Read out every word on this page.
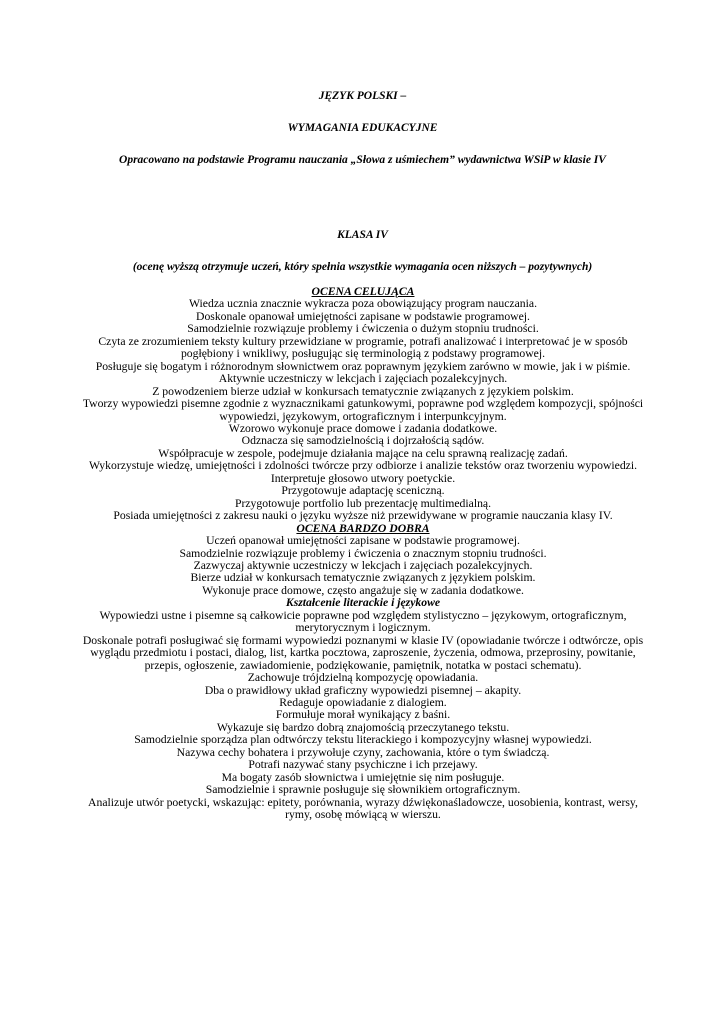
JĘZYK POLSKI –
WYMAGANIA EDUKACYJNE
Opracowano na podstawie Programu nauczania „Słowa z uśmiechem” wydawnictwa WSiP w klasie IV
KLASA IV
(ocenę wyższą otrzymuje uczeń, który spełnia wszystkie wymagania ocen niższych – pozytywnych)

OCENA CELUJĄCA

Wiedza ucznia znacznie wykracza poza obowiązujący program nauczania.

Doskonale opanował umiejętności zapisane w podstawie programowej.

Samodzielnie rozwiązuje problemy i ćwiczenia o dużym stopniu trudności.

Czyta ze zrozumieniem teksty kultury przewidziane w programie, potrafi analizować i interpretować je w sposób pogłębiony i wnikliwy, posługując się terminologią z podstawy programowej.

Posługuje się bogatym i różnorodnym słownictwem oraz poprawnym językiem zarówno w mowie, jak i w piśmie.

Aktywnie uczestniczy w lekcjach i zajęciach pozalekcyjnych.

Z powodzeniem bierze udział w konkursach tematycznie związanych z językiem polskim.

Tworzy wypowiedzi pisemne zgodnie z wyznacznikami gatunkowymi, poprawne pod względem kompozycji, spójności wypowiedzi, językowym, ortograficznym i interpunkcyjnym.

Wzorowo wykonuje prace domowe i zadania dodatkowe.

Odznacza się samodzielnością i dojrzałością sądów.

Współpracuje w zespole, podejmuje działania mające na celu sprawną realizację zadań.

Wykorzystuje wiedzę, umiejętności i zdolności twórcze przy odbiorze i analizie tekstów oraz tworzeniu wypowiedzi.

Interpretuje głosowo utwory poetyckie.

Przygotowuje adaptację sceniczną.

Przygotowuje portfolio lub prezentację multimedialną.

Posiada umiejętności z zakresu nauki o języku wyższe niż przewidywane w programie nauczania klasy IV.

OCENA BARDZO DOBRA

Uczeń opanował umiejętności zapisane w podstawie programowej.

Samodzielnie rozwiązuje problemy i ćwiczenia o znacznym stopniu trudności.

Zazwyczaj aktywnie uczestniczy w lekcjach i zajęciach pozalekcyjnych.

Bierze udział w konkursach tematycznie związanych z językiem polskim.

Wykonuje prace domowe, często angażuje się w zadania dodatkowe.

Kształcenie literackie i językowe

Wypowiedzi ustne i pisemne są całkowicie poprawne pod względem stylistyczno – językowym, ortograficznym, merytorycznym i logicznym.

Doskonale potrafi posługiwać się formami wypowiedzi poznanymi w klasie IV (opowiadanie twórcze i odtwórcze, opis wyglądu przedmiotu i postaci, dialog, list, kartka pocztowa, zaproszenie, życzenia, odmowa, przeprosiny, powitanie, przepis, ogłoszenie, zawiadomienie, podziękowanie, pamiętnik, notatka w postaci schematu).

Zachowuje trójdzielną kompozycję opowiadania.

Dba o prawidłowy układ graficzny wypowiedzi pisemnej – akapity.

Redaguje opowiadanie z dialogiem.

Formułuje morał wynikający z baśni.

Wykazuje się bardzo dobrą znajomością przeczytanego tekstu.

Samodzielnie sporządza plan odtwórczy tekstu literackiego i kompozycyjny własnej wypowiedzi.

Nazywa cechy bohatera i przywołuje czyny, zachowania, które o tym świadczą.

Potrafi nazywać stany psychiczne i ich przejawy.

Ma bogaty zasób słownictwa i umiejętnie się nim posługuje.

Samodzielnie i sprawnie posługuje się słownikiem ortograficznym.

Analizuje utwór poetycki, wskazując: epitety, porównania, wyrazy dźwiękonaśladowcze, uosobienia, kontrast, wersy, rymy, osobę mówiącą w wierszu.
